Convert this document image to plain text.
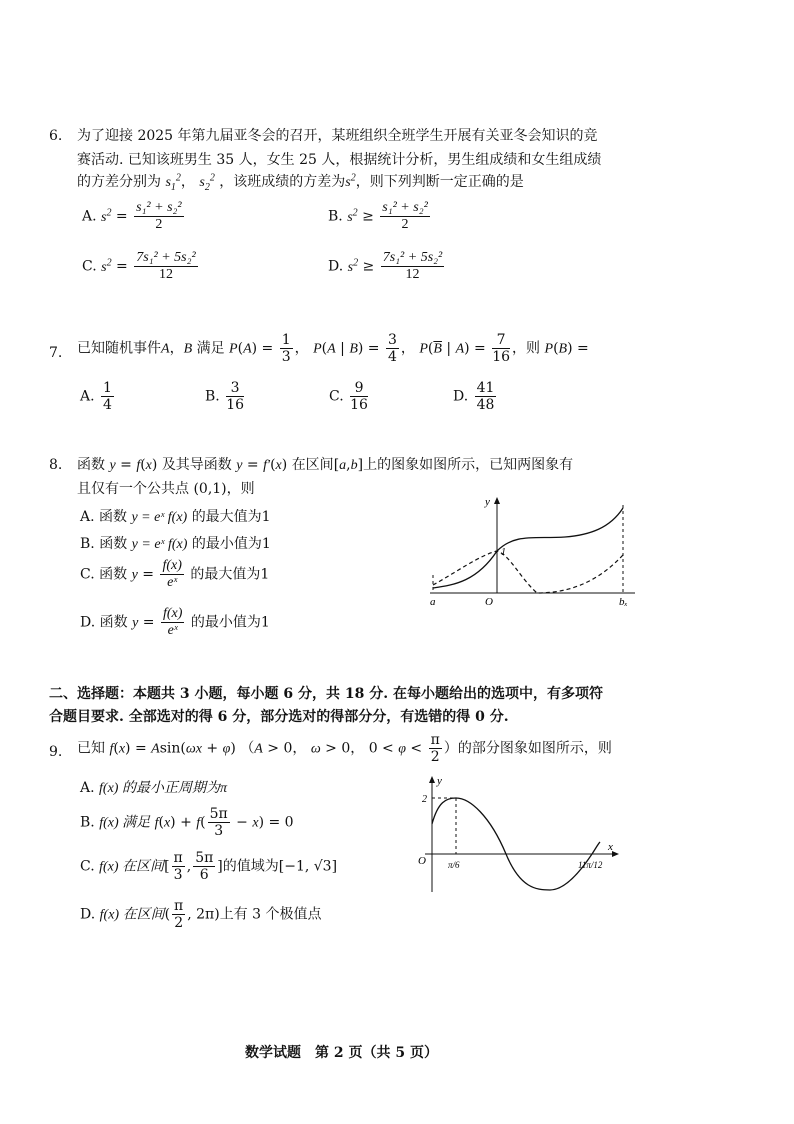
6. 为了迎接 2025 年第九届亚冬会的召开，某班组织全班学生开展有关亚冬会知识的竞
赛活动. 已知该班男生 35 人，女生 25 人，根据统计分析，男生组成绩和女生组成绩
的方差分别为 $s_1^2$， $s_2^2$ ，该班成绩的方差为$s^2$，则下列判断一定正确的是
A. $s^2 = \frac{\text{s₁² + s₂²}}{2}$	B. $s^2 \ge \frac{\text{s₁² + s₂²}}{2}$
C. $s^2 = \frac{\text{7s₁² + 5s₂²}}{12}$	D. $s^2 \ge \frac{\text{7s₁² + 5s₂²}}{12}$
7. 已知随机事件A，B 满足 $P(A) = \frac{1}{3}$ ， P(A | $B) = \frac{3}{4}$ ， $P(\overline{B}$ | $A) = \frac{7}{16}$ ，则 P(B) =
A. $\frac{1}{4}$	B. $\frac{3}{16}$	C. $\frac{9}{16}$	D. $\frac{41}{48}$
8. 函数 y = f(x) 及其导函数 y = f′(x) 在区间[a,b]上的图象如图所示，已知两图象有
且仅有一个公共点 (0,1)，则
A. 函数 y = eˣ f(x) 的最大值为1
B. 函数 y = eˣ f(x) 的最小值为1
C. 函数 $y = \frac{f(x)}{\text{eˣ}}$ 的最大值为1
D. 函数 $y = \frac{f(x)}{\text{eˣ}}$ 的最小值为1
y
a	O	bₓ
1
二、选择题：本题共 3 小题，每小题 6 分，共 18 分. 在每小题给出的选项中，有多项符
合题目要求. 全部选对的得 6 分，部分选对的得部分分，有选错的得 0 分.
9. 已知 f(x) = Asin(ωx + φ) （A > 0， ω > 0， $0 < \varphi < \frac{\pi}{2}$ ）的部分图象如图所示，则
A. f(x) 的最小正周期为π
B. f(x) 满足 $f(x) + f( \frac{5\pi}{3} - x) = 0$
C. f(x) 在区间[ $\frac{\pi}{3}$ , $\frac{5\pi}{6}$ ]的值域为[−1, √3]
D. f(x) 在区间( $\frac{\pi}{2}$ , 2π)上有 3 个极值点
y
x
O
2
π/6	11π/12
数学试题　第 2 页（共 5 页）
